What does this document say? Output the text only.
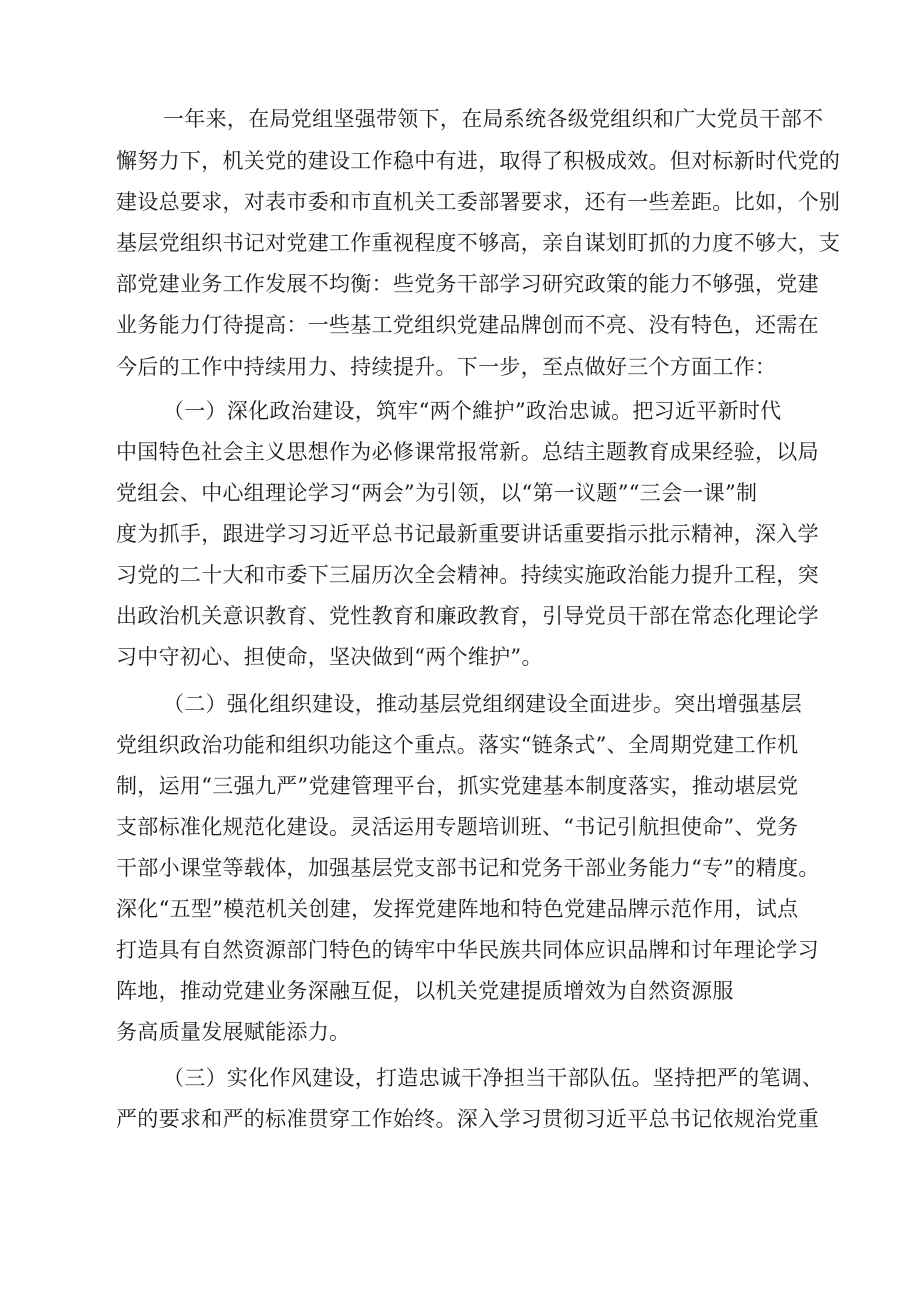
一年来，在局党组坚强带领下，在局系统各级党组织和广大党员干部不
懈努力下，机关党的建设工作稳中有进，取得了积极成效。但对标新时代党的
建设总要求，对表市委和市直机关工委部署要求，还有一些差距。比如，个别
基层党组织书记对党建工作重视程度不够高，亲自谋划盯抓的力度不够大，支
部党建业务工作发展不均衡：些党务干部学习研究政策的能力不够强，党建
业务能力仃待提高：一些基工党组织党建品牌创而不亮、没有特色，还需在
今后的工作中持续用力、持续提升。下一步，至点做好三个方面工作：
（一）深化政治建设，筑牢“两个維护”政治忠诚。把习近平新时代
中国特色社会主义思想作为必修课常报常新。总结主题教育成果经验，以局
党组会、中心组理论学习“两会”为引领，以“第一议题”“三会一课”制
度为抓手，跟进学习习近平总书记最新重要讲话重要指示批示精神，深入学
习党的二十大和市委下三届历次全会精神。持续实施政治能力提升工程，突
出政治机关意识教育、党性教育和廉政教育，引导党员干部在常态化理论学
习中守初心、担使命，坚决做到“两个维护”。
（二）强化组织建设，推动基层党组纲建设全面进步。突出增强基层
党组织政治功能和组织功能这个重点。落实“链条式”、全周期党建工作机
制，运用“三强九严”党建管理平台，抓实党建基本制度落实，推动堪层党
支部标准化规范化建设。灵活运用专题培训班、“书记引航担使命”、党务
干部小课堂等载体，加强基层党支部书记和党务干部业务能力“专”的精度。
深化“五型”模范机关创建，发挥党建阵地和特色党建品牌示范作用，试点
打造具有自然资源部门特色的铸牢中华民族共同体应识品牌和讨年理论学习
阵地，推动党建业务深融互促，以机关党建提质增效为自然资源服
务高质量发展赋能添力。
（三）实化作风建设，打造忠诚干净担当干部队伍。坚持把严的笔调、
严的要求和严的标准贯穿工作始终。深入学习贯彻习近平总书记依规治党重
